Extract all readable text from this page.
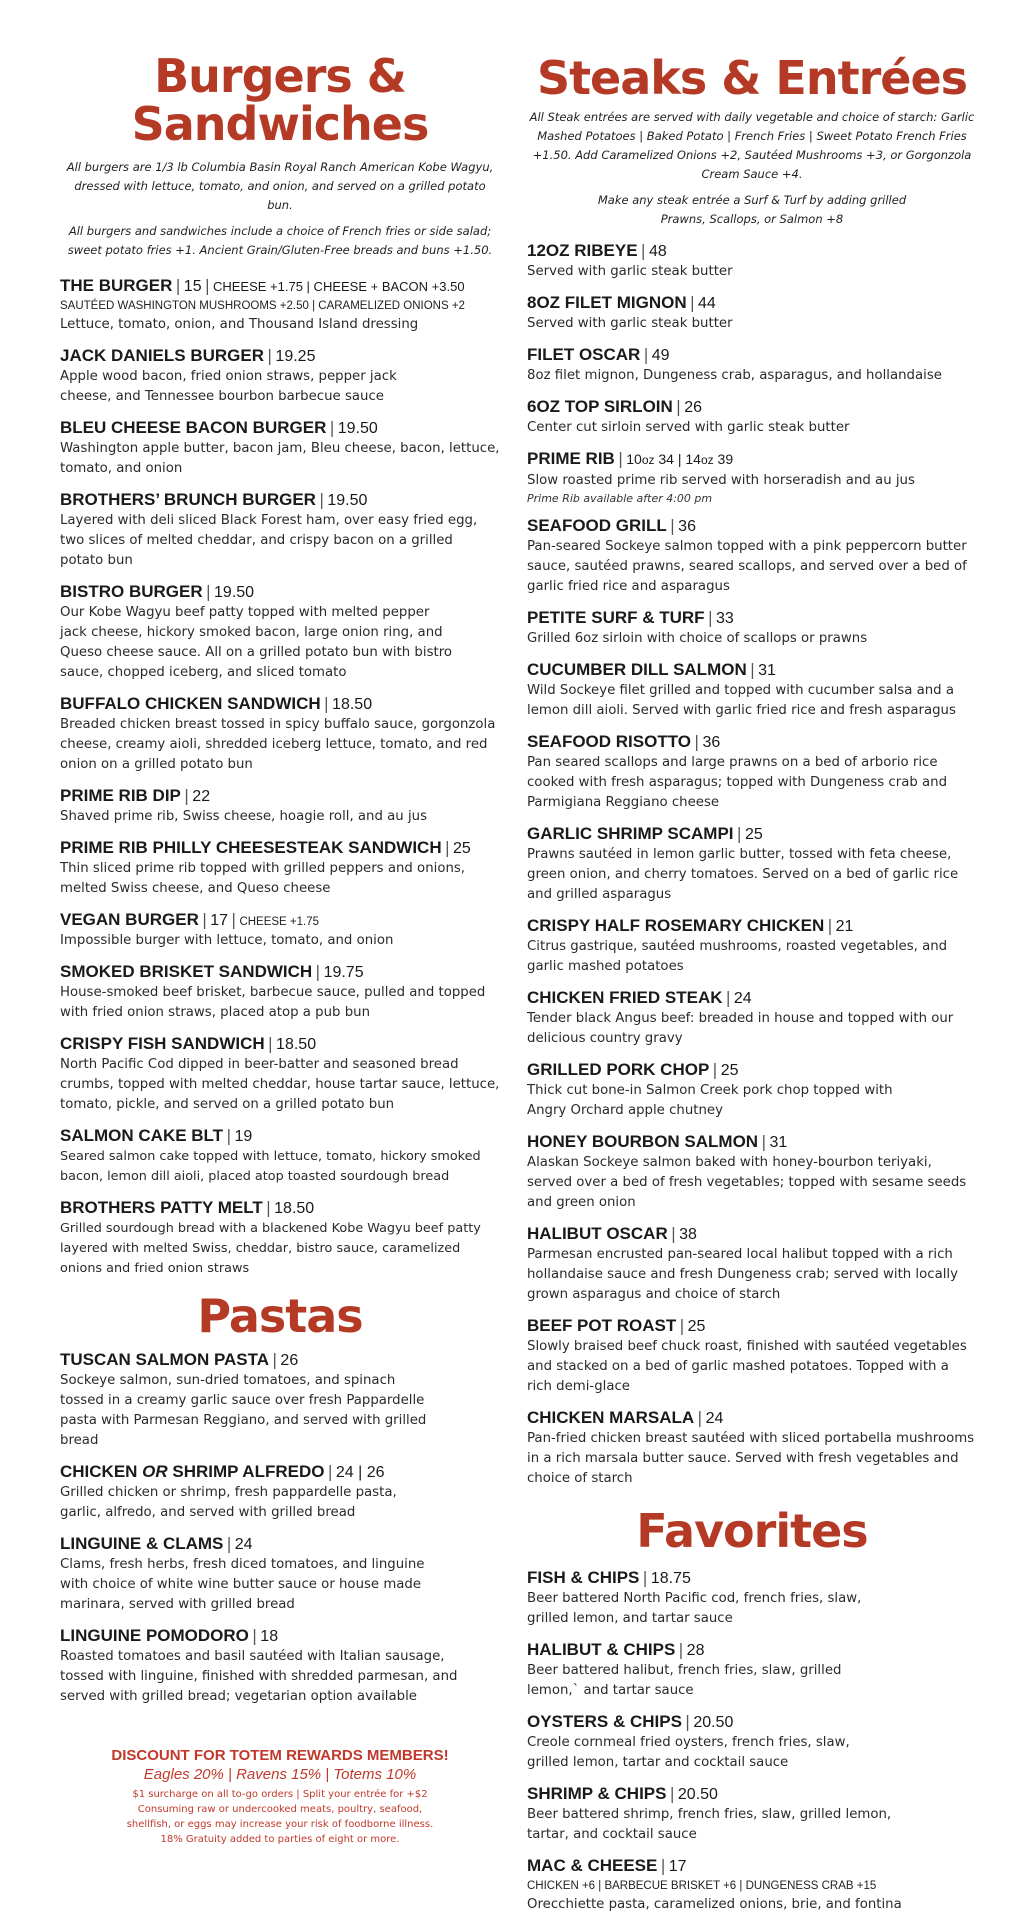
Burgers &
Sandwiches

All burgers are 1/3 lb Columbia Basin Royal Ranch American Kobe Wagyu, dressed with lettuce, tomato, and onion, and served on a grilled potato bun.

All burgers and sandwiches include a choice of French fries or side salad; sweet potato fries +1. Ancient Grain/Gluten-Free breads and buns +1.50.

THE BURGER | 15 | CHEESE +1.75 | CHEESE + BACON +3.50

SAUTÉED WASHINGTON MUSHROOMS +2.50 | CARAMELIZED ONIONS +2

Lettuce, tomato, onion, and Thousand Island dressing

JACK DANIELS BURGER | 19.25

Apple wood bacon, fried onion straws, pepper jack cheese, and Tennessee bourbon barbecue sauce

BLEU CHEESE BACON BURGER | 19.50

Washington apple butter, bacon jam, Bleu cheese, bacon, lettuce, tomato, and onion

BROTHERS’ BRUNCH BURGER | 19.50

Layered with deli sliced Black Forest ham, over easy fried egg, two slices of melted cheddar, and crispy bacon on a grilled potato bun

BISTRO BURGER | 19.50

Our Kobe Wagyu beef patty topped with melted pepper jack cheese, hickory smoked bacon, large onion ring, and Queso cheese sauce. All on a grilled potato bun with bistro sauce, chopped iceberg, and sliced tomato

BUFFALO CHICKEN SANDWICH | 18.50

Breaded chicken breast tossed in spicy buffalo sauce, gorgonzola cheese, creamy aioli, shredded iceberg lettuce, tomato, and red onion on a grilled potato bun

PRIME RIB DIP | 22

Shaved prime rib, Swiss cheese, hoagie roll, and au jus

PRIME RIB PHILLY CHEESESTEAK SANDWICH | 25

Thin sliced prime rib topped with grilled peppers and onions, melted Swiss cheese, and Queso cheese

VEGAN BURGER | 17 | CHEESE +1.75

Impossible burger with lettuce, tomato, and onion

SMOKED BRISKET SANDWICH | 19.75

House-smoked beef brisket, barbecue sauce, pulled and topped with fried onion straws, placed atop a pub bun

CRISPY FISH SANDWICH | 18.50

North Pacific Cod dipped in beer-batter and seasoned bread crumbs, topped with melted cheddar, house tartar sauce, lettuce, tomato, pickle, and served on a grilled potato bun

SALMON CAKE BLT | 19

Seared salmon cake topped with lettuce, tomato, hickory smoked bacon, lemon dill aioli, placed atop toasted sourdough bread

BROTHERS PATTY MELT | 18.50

Grilled sourdough bread with a blackened Kobe Wagyu beef patty layered with melted Swiss, cheddar, bistro sauce, caramelized onions and fried onion straws

Pastas

TUSCAN SALMON PASTA | 26

Sockeye salmon, sun-dried tomatoes, and spinach tossed in a creamy garlic sauce over fresh Pappardelle pasta with Parmesan Reggiano, and served with grilled bread

CHICKEN OR SHRIMP ALFREDO | 24 | 26

Grilled chicken or shrimp, fresh pappardelle pasta, garlic, alfredo, and served with grilled bread

LINGUINE & CLAMS | 24

Clams, fresh herbs, fresh diced tomatoes, and linguine with choice of white wine butter sauce or house made marinara, served with grilled bread

LINGUINE POMODORO | 18

Roasted tomatoes and basil sautéed with Italian sausage, tossed with linguine, finished with shredded parmesan, and served with grilled bread; vegetarian option available

DISCOUNT FOR TOTEM REWARDS MEMBERS!

Eagles 20% | Ravens 15% | Totems 10%

$1 surcharge on all to-go orders | Split your entrée for +$2

Consuming raw or undercooked meats, poultry, seafood,

shellfish, or eggs may increase your risk of foodborne illness.

18% Gratuity added to parties of eight or more.

Steaks & Entrées

All Steak entrées are served with daily vegetable and choice of starch: Garlic Mashed Potatoes | Baked Potato | French Fries | Sweet Potato French Fries +1.50. Add Caramelized Onions +2, Sautéed Mushrooms +3, or Gorgonzola Cream Sauce +4.

Make any steak entrée a Surf & Turf by adding grilled Prawns, Scallops, or Salmon +8

12OZ RIBEYE | 48

Served with garlic steak butter

8OZ FILET MIGNON | 44

Served with garlic steak butter

FILET OSCAR | 49

8oz filet mignon, Dungeness crab, asparagus, and hollandaise

6OZ TOP SIRLOIN | 26

Center cut sirloin served with garlic steak butter

PRIME RIB | 10oz 34 | 14oz 39

Slow roasted prime rib served with horseradish and au jus

Prime Rib available after 4:00 pm

SEAFOOD GRILL | 36

Pan-seared Sockeye salmon topped with a pink peppercorn butter sauce, sautéed prawns, seared scallops, and served over a bed of garlic fried rice and asparagus

PETITE SURF & TURF | 33

Grilled 6oz sirloin with choice of scallops or prawns

CUCUMBER DILL SALMON | 31

Wild Sockeye filet grilled and topped with cucumber salsa and a lemon dill aioli. Served with garlic fried rice and fresh asparagus

SEAFOOD RISOTTO | 36

Pan seared scallops and large prawns on a bed of arborio rice cooked with fresh asparagus; topped with Dungeness crab and Parmigiana Reggiano cheese

GARLIC SHRIMP SCAMPI | 25

Prawns sautéed in lemon garlic butter, tossed with feta cheese, green onion, and cherry tomatoes. Served on a bed of garlic rice and grilled asparagus

CRISPY HALF ROSEMARY CHICKEN | 21

Citrus gastrique, sautéed mushrooms, roasted vegetables, and garlic mashed potatoes

CHICKEN FRIED STEAK | 24

Tender black Angus beef: breaded in house and topped with our delicious country gravy

GRILLED PORK CHOP | 25

Thick cut bone-in Salmon Creek pork chop topped with Angry Orchard apple chutney

HONEY BOURBON SALMON | 31

Alaskan Sockeye salmon baked with honey-bourbon teriyaki, served over a bed of fresh vegetables; topped with sesame seeds and green onion

HALIBUT OSCAR | 38

Parmesan encrusted pan-seared local halibut topped with a rich hollandaise sauce and fresh Dungeness crab; served with locally grown asparagus and choice of starch

BEEF POT ROAST | 25

Slowly braised beef chuck roast, finished with sautéed vegetables and stacked on a bed of garlic mashed potatoes. Topped with a rich demi-glace

CHICKEN MARSALA | 24

Pan-fried chicken breast sautéed with sliced portabella mushrooms in a rich marsala butter sauce. Served with fresh vegetables and choice of starch

Favorites

FISH & CHIPS | 18.75

Beer battered North Pacific cod, french fries, slaw, grilled lemon, and tartar sauce

HALIBUT & CHIPS | 28

Beer battered halibut, french fries, slaw, grilled lemon,` and tartar sauce

OYSTERS & CHIPS | 20.50

Creole cornmeal fried oysters, french fries, slaw, grilled lemon, tartar and cocktail sauce

SHRIMP & CHIPS | 20.50

Beer battered shrimp, french fries, slaw, grilled lemon, tartar, and cocktail sauce

MAC & CHEESE | 17

CHICKEN +6 | BARBECUE BRISKET +6 | DUNGENESS CRAB +15

Orecchiette pasta, caramelized onions, brie, and fontina
